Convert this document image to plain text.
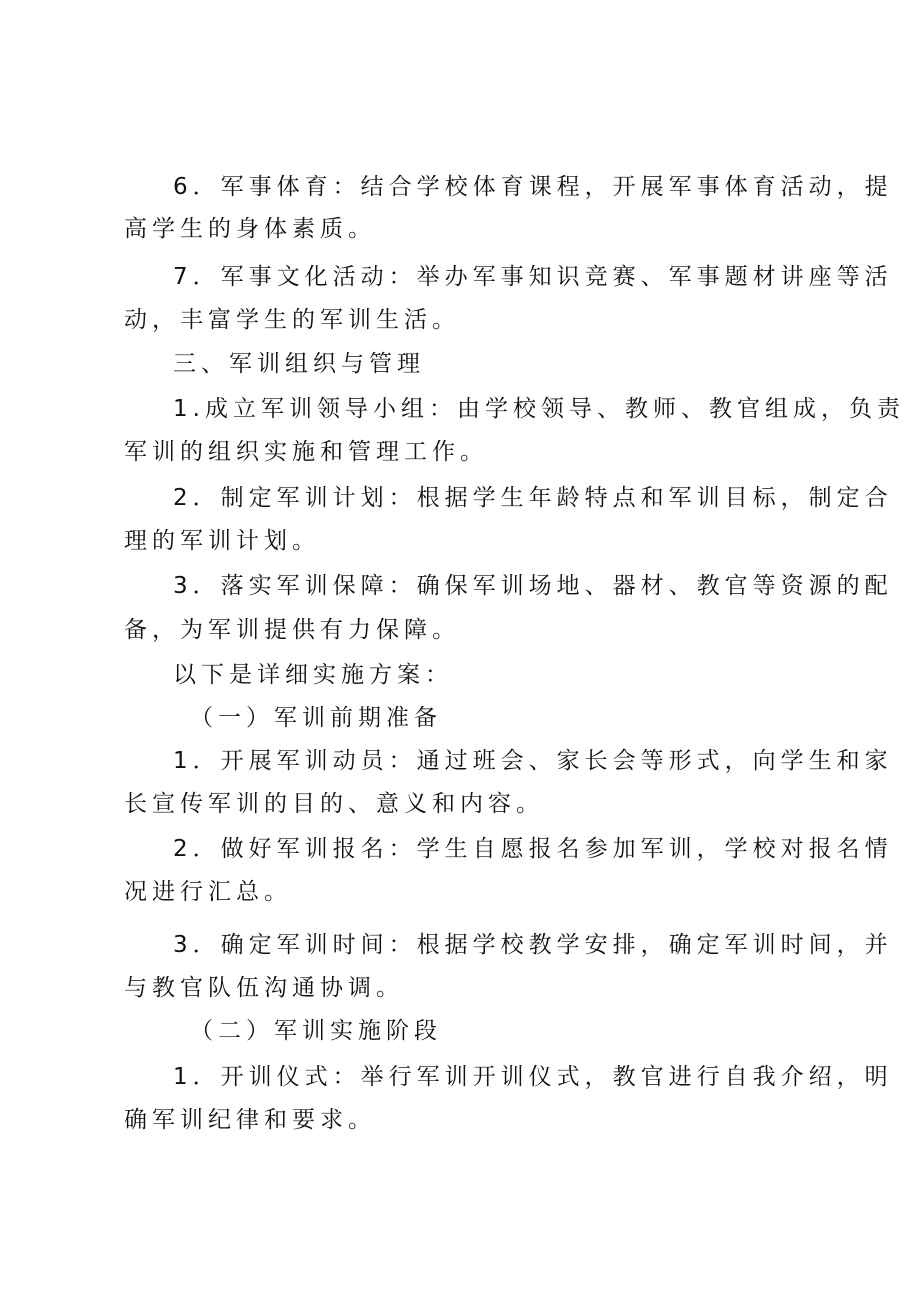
6．军事体育：结合学校体育课程，开展军事体育活动，提
高学生的身体素质。
7．军事文化活动：举办军事知识竞赛、军事题材讲座等活
动，丰富学生的军训生活。
三、军训组织与管理
1.成立军训领导小组：由学校领导、教师、教官组成，负责
军训的组织实施和管理工作。
2．制定军训计划：根据学生年龄特点和军训目标，制定合
理的军训计划。
3．落实军训保障：确保军训场地、器材、教官等资源的配
备，为军训提供有力保障。
以下是详细实施方案：
（一）军训前期准备
1．开展军训动员：通过班会、家长会等形式，向学生和家
长宣传军训的目的、意义和内容。
2．做好军训报名：学生自愿报名参加军训，学校对报名情
况进行汇总。
3．确定军训时间：根据学校教学安排，确定军训时间，并
与教官队伍沟通协调。
（二）军训实施阶段
1．开训仪式：举行军训开训仪式，教官进行自我介绍，明
确军训纪律和要求。
